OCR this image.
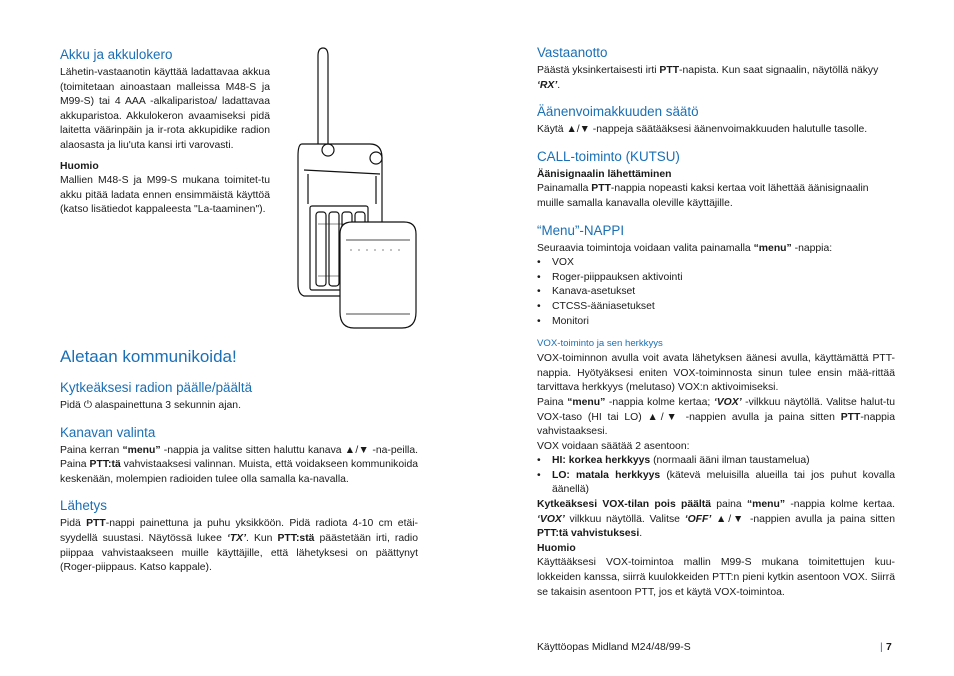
Akku ja akkulokero

Lähetin-vastaanotin käyttää ladattavaa akkua (toimitetaan ainoastaan malleissa M48-S ja M99-S) tai 4 AAA -alkaliparistoa/ ladattavaa akkuparistoa. Akkulokeron avaamiseksi pidä laitetta väärinpäin ja ir-rota akkupidike radion alaosasta ja liu'uta kansi irti varovasti.

Huomio

Mallien M48-S ja M99-S mukana toimitet-tu akku pitää ladata ennen ensimmäistä käyttöä (katso lisätiedot kappaleesta "La-taaminen").

Aletaan kommunikoida!
Kytkeäksesi radion päälle/päältä

Pidä ⏻ alaspainettuna 3 sekunnin ajan.

Kanavan valinta

Paina kerran “menu” -nappia ja valitse sitten haluttu kanava ▲/▼ -na-peilla. Paina PTT:tä vahvistaaksesi valinnan. Muista, että voidakseen kommunikoida keskenään, molempien radioiden tulee olla samalla ka-navalla.

Lähetys

Pidä PTT-nappi painettuna ja puhu yksikköön. Pidä radiota 4-10 cm etäi-syydellä suustasi. Näytössä lukee ‘TX’. Kun PTT:stä päästetään irti, radio piippaa vahvistaakseen muille käyttäjille, että lähetyksesi on päättynyt (Roger-piippaus. Katso kappale).

Vastaanotto

Päästä yksinkertaisesti irti PTT-napista. Kun saat signaalin, näytöllä näkyy ‘RX’.

Äänenvoimakkuuden säätö

Käytä ▲/▼ -nappeja säätääksesi äänenvoimakkuuden halutulle tasolle.

CALL-toiminto (KUTSU)

Äänisignaalin lähettäminen

Painamalla PTT-nappia nopeasti kaksi kertaa voit lähettää äänisignaalin muille samalla kanavalla oleville käyttäjille.

“Menu”-NAPPI

Seuraavia toimintoja voidaan valita painamalla “menu” -nappia:

• VOX
• Roger-piippauksen aktivointi
• Kanava-asetukset
• CTCSS-ääniasetukset
• Monitori
VOX-toiminto ja sen herkkyys

VOX-toiminnon avulla voit avata lähetyksen äänesi avulla, käyttämättä PTT-nappia. Hyötyäksesi eniten VOX-toiminnosta sinun tulee ensin mää-rittää tarvittava herkkyys (melutaso) VOX:n aktivoimiseksi.

Paina “menu” -nappia kolme kertaa; ‘VOX’ -vilkkuu näytöllä. Valitse halut-tu VOX-taso (HI tai LO) ▲/▼ -nappien avulla ja paina sitten PTT-nappia vahvistaaksesi.

VOX voidaan säätää 2 asentoon:

• HI: korkea herkkyys (normaali ääni ilman taustamelua)
• LO: matala herkkyys (kätevä meluisilla alueilla tai jos puhut kovalla äänellä)

Kytkeäksesi VOX-tilan pois päältä paina “menu” -nappia kolme kertaa. ‘VOX’ vilkkuu näytöllä. Valitse ‘OFF’ ▲/▼ -nappien avulla ja paina sitten PTT:tä vahvistuksesi.

Huomio

Käyttääksesi VOX-toimintoa mallin M99-S mukana toimitettujen kuu-lokkeiden kanssa, siirrä kuulokkeiden PTT:n pieni kytkin asentoon VOX. Siirrä se takaisin asentoon PTT, jos et käytä VOX-toimintoa.

Käyttöopas Midland M24/48/99-S	| 7
